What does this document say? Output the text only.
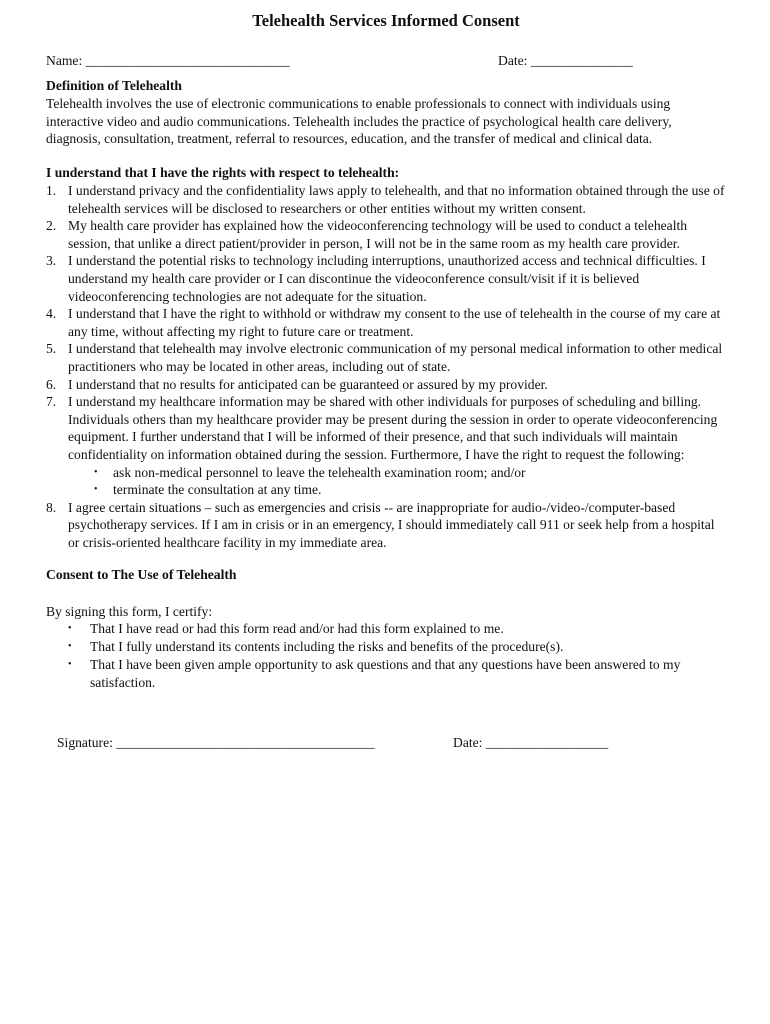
Telehealth Services Informed Consent
Name: ______________________________	Date: _______________

Definition of Telehealth

Telehealth involves the use of electronic communications to enable professionals to connect with individuals using interactive video and audio communications. Telehealth includes the practice of psychological health care delivery, diagnosis, consultation, treatment, referral to resources, education, and the transfer of medical and clinical data.

I understand that I have the rights with respect to telehealth:

1. I understand privacy and the confidentiality laws apply to telehealth, and that no information obtained through the use of telehealth services will be disclosed to researchers or other entities without my written consent.
2. My health care provider has explained how the videoconferencing technology will be used to conduct a telehealth session, that unlike a direct patient/provider in person, I will not be in the same room as my health care provider.
3. I understand the potential risks to technology including interruptions, unauthorized access and technical difficulties. I understand my health care provider or I can discontinue the videoconference consult/visit if it is believed videoconferencing technologies are not adequate for the situation.
4. I understand that I have the right to withhold or withdraw my consent to the use of telehealth in the course of my care at any time, without affecting my right to future care or treatment.
5. I understand that telehealth may involve electronic communication of my personal medical information to other medical practitioners who may be located in other areas, including out of state.
6. I understand that no results for anticipated can be guaranteed or assured by my provider.
7. I understand my healthcare information may be shared with other individuals for purposes of scheduling and billing. Individuals others than my healthcare provider may be present during the session in order to operate videoconferencing equipment. I further understand that I will be informed of their presence, and that such individuals will maintain confidentiality on information obtained during the session. Furthermore, I have the right to request the following:
• ask non-medical personnel to leave the telehealth examination room; and/or
• terminate the consultation at any time.
8. I agree certain situations – such as emergencies and crisis -- are inappropriate for audio-/video-/computer-based psychotherapy services. If I am in crisis or in an emergency, I should immediately call 911 or seek help from a hospital or crisis-oriented healthcare facility in my immediate area.

Consent to The Use of Telehealth

By signing this form, I certify:

• That I have read or had this form read and/or had this form explained to me.
• That I fully understand its contents including the risks and benefits of the procedure(s).
• That I have been given ample opportunity to ask questions and that any questions have been answered to my satisfaction.
Signature: ______________________________________	Date: __________________
